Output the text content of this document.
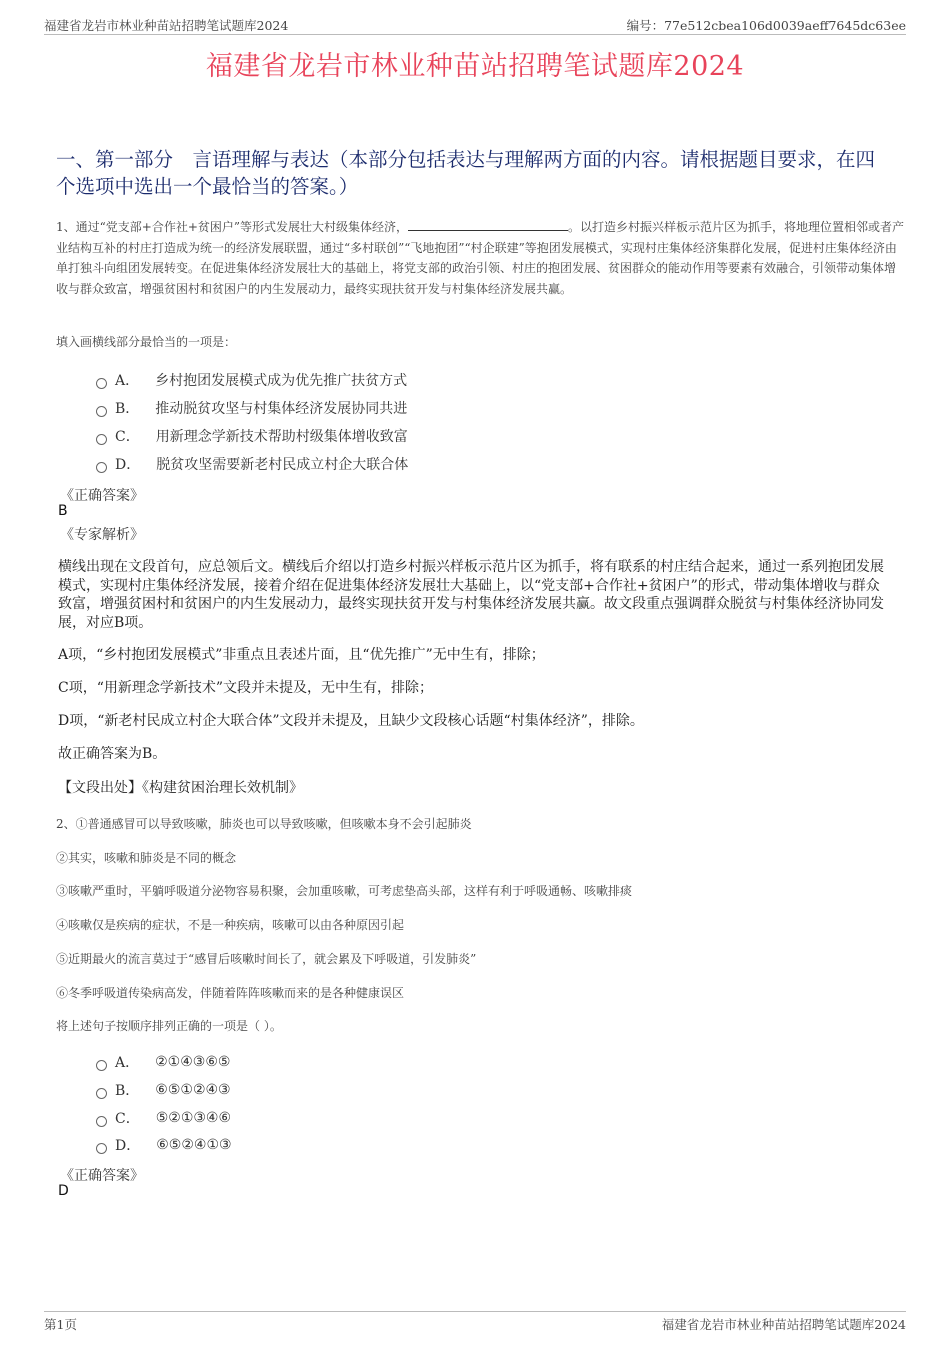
福建省龙岩市林业种苗站招聘笔试题库2024	编号：77e512cbea106d0039aeff7645dc63ee
福建省龙岩市林业种苗站招聘笔试题库2024
一、第一部分　言语理解与表达（本部分包括表达与理解两方面的内容。请根据题目要求，在四个选项中选出一个最恰当的答案。）
1、通过“党支部+合作社+贫困户”等形式发展壮大村级集体经济，	。以打造乡村振兴样板示范片区为抓手，将地理位置相邻或者产业结构互补的村庄打造成为统一的经济发展联盟，通过“多村联创”“飞地抱团”“村企联建”等抱团发展模式，实现村庄集体经济集群化发展，促进村庄集体经济由单打独斗向组团发展转变。在促进集体经济发展壮大的基础上，将党支部的政治引领、村庄的抱团发展、贫困群众的能动作用等要素有效融合，引领带动集体增收与群众致富，增强贫困村和贫困户的内生发展动力，最终实现扶贫开发与村集体经济发展共赢。
填入画横线部分最恰当的一项是：
A． 乡村抱团发展模式成为优先推广扶贫方式
B． 推动脱贫攻坚与村集体经济发展协同共进
C． 用新理念学新技术帮助村级集体增收致富
D． 脱贫攻坚需要新老村民成立村企大联合体
《正确答案》
B
《专家解析》
横线出现在文段首句，应总领后文。横线后介绍以打造乡村振兴样板示范片区为抓手，将有联系的村庄结合起来，通过一系列抱团发展模式，实现村庄集体经济发展，接着介绍在促进集体经济发展壮大基础上，以“党支部+合作社+贫困户”的形式，带动集体增收与群众致富，增强贫困村和贫困户的内生发展动力，最终实现扶贫开发与村集体经济发展共赢。故文段重点强调群众脱贫与村集体经济协同发展，对应B项。
A项，“乡村抱团发展模式”非重点且表述片面，且“优先推广”无中生有，排除；
C项，“用新理念学新技术”文段并未提及，无中生有，排除；
D项，“新老村民成立村企大联合体”文段并未提及，且缺少文段核心话题“村集体经济”，排除。
故正确答案为B。
【文段出处】《构建贫困治理长效机制》
2、①普通感冒可以导致咳嗽，肺炎也可以导致咳嗽，但咳嗽本身不会引起肺炎
②其实，咳嗽和肺炎是不同的概念
③咳嗽严重时，平躺呼吸道分泌物容易积聚，会加重咳嗽，可考虑垫高头部，这样有利于呼吸通畅、咳嗽排痰
④咳嗽仅是疾病的症状，不是一种疾病，咳嗽可以由各种原因引起
⑤近期最火的流言莫过于“感冒后咳嗽时间长了，就会累及下呼吸道，引发肺炎”
⑥冬季呼吸道传染病高发，伴随着阵阵咳嗽而来的是各种健康误区
将上述句子按顺序排列正确的一项是（ ）。
A． ②①④③⑥⑤
B． ⑥⑤①②④③
C． ⑤②①③④⑥
D． ⑥⑤②④①③
《正确答案》
D
第1页	福建省龙岩市林业种苗站招聘笔试题库2024
